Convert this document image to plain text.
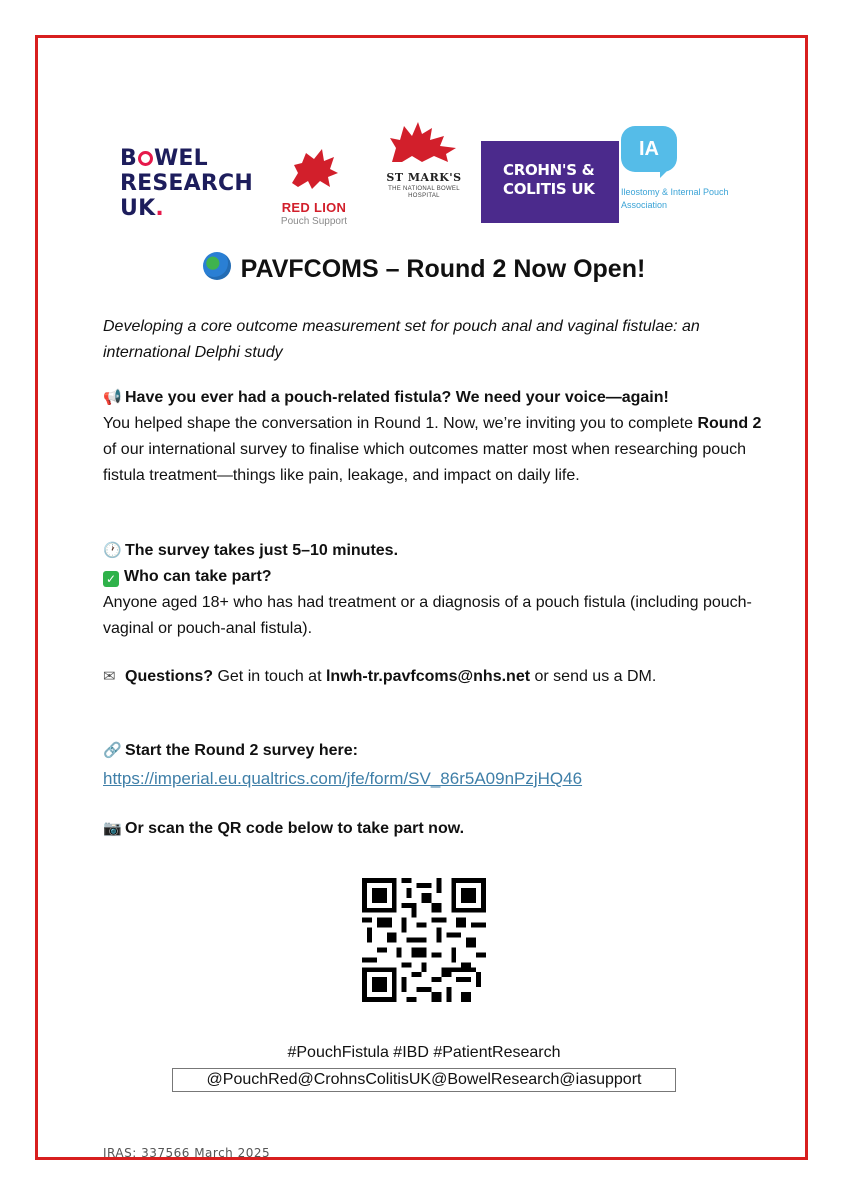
B WEL
RESEARCH
UK.	RED LION
Pouch Support
ST MARK'S
THE NATIONAL BOWEL HOSPITAL
CROHN'S &
COLITIS UK
IA
Ileostomy & Internal Pouch Association
PAVFCOMS – Round 2 Now Open!
Developing a core outcome measurement set for pouch anal and vaginal fistulae: an international Delphi study
📢 Have you ever had a pouch-related fistula? We need your voice—again!
You helped shape the conversation in Round 1. Now, we’re inviting you to complete Round 2 of our international survey to finalise which outcomes matter most when researching pouch fistula treatment—things like pain, leakage, and impact on daily life.
🕐 The survey takes just 5–10 minutes.
✓ Who can take part?
Anyone aged 18+ who has had treatment or a diagnosis of a pouch fistula (including pouch-vaginal or pouch-anal fistula).
✉ Questions? Get in touch at lnwh-tr.pavfcoms@nhs.net or send us a DM.
🔗 Start the Round 2 survey here:
https://imperial.eu.qualtrics.com/jfe/form/SV_86r5A09nPzjHQ46
📷 Or scan the QR code below to take part now.
#PouchFistula #IBD #PatientResearch
@PouchRed@CrohnsColitisUK@BowelResearch@iasupport
IRAS: 337566 March 2025
